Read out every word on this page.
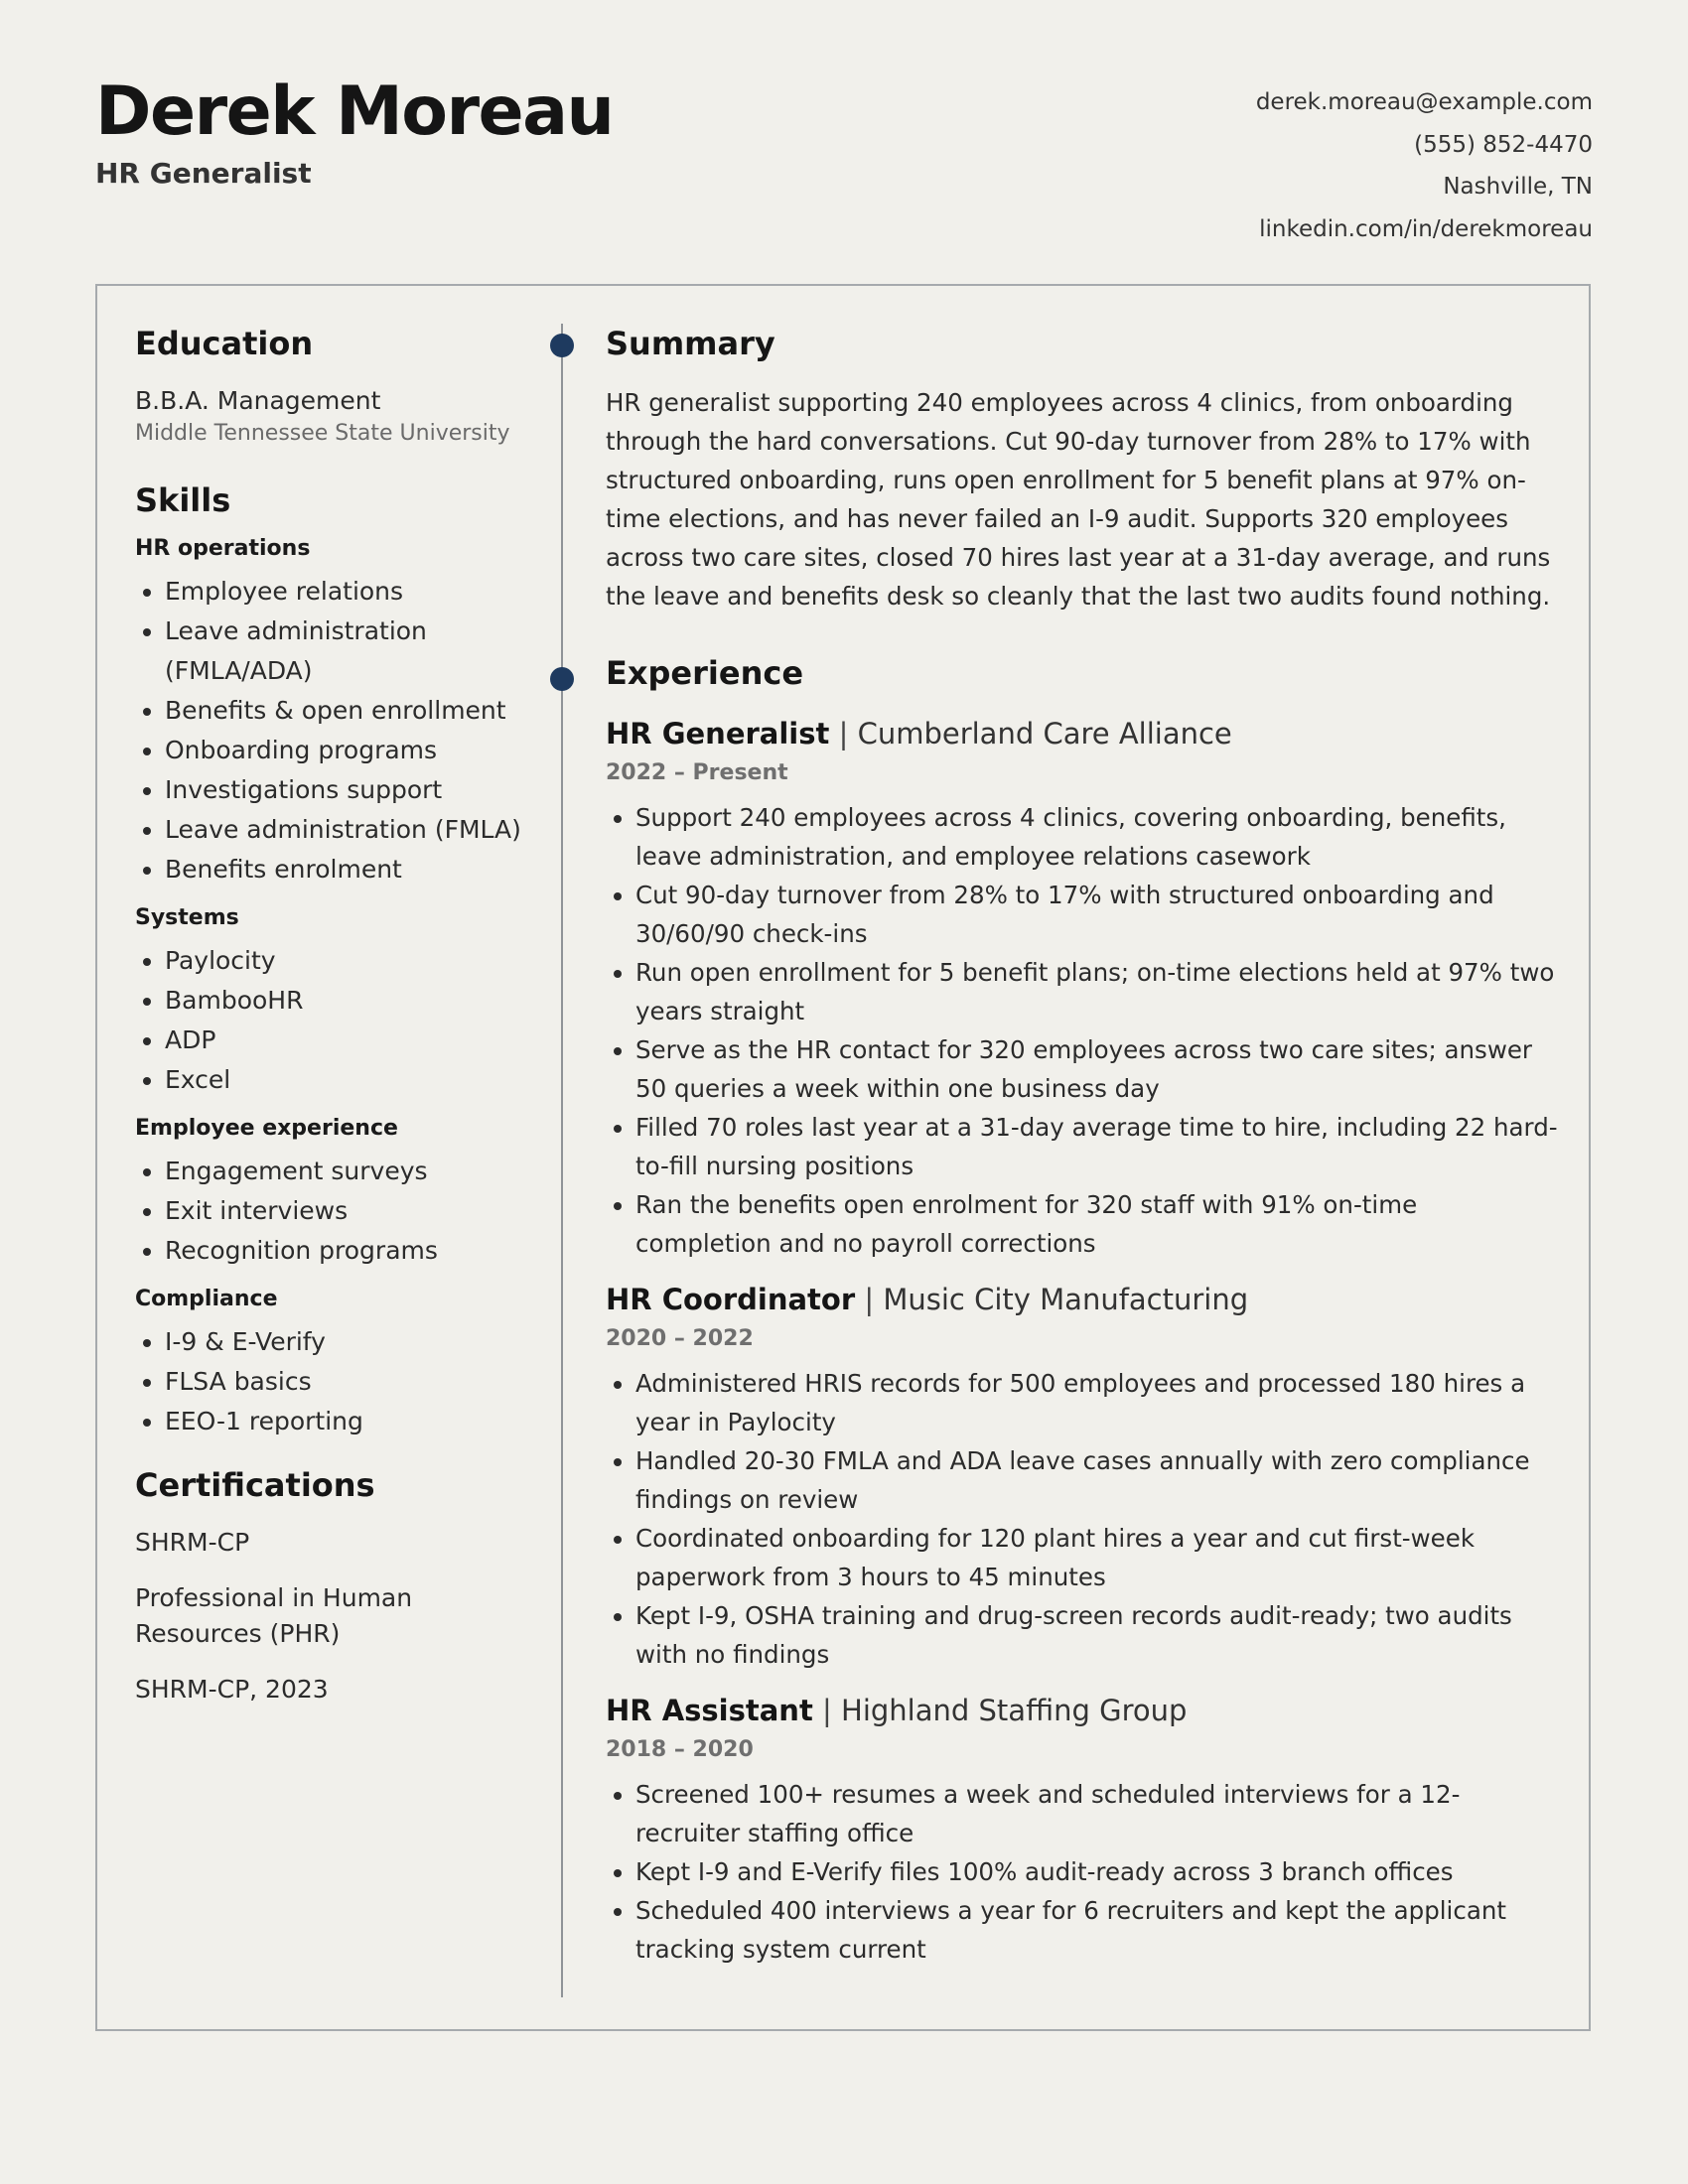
Derek Moreau
HR Generalist
derek.moreau@example.com
(555) 852-4470
Nashville, TN
linkedin.com/in/derekmoreau
Education
B.B.A. Management
Middle Tennessee State University
Skills
HR operations
• Employee relations
• Leave administration (FMLA/ADA)
• Benefits & open enrollment
• Onboarding programs
• Investigations support
• Leave administration (FMLA)
• Benefits enrolment
Systems
• Paylocity
• BambooHR
• ADP
• Excel
Employee experience
• Engagement surveys
• Exit interviews
• Recognition programs
Compliance
• I-9 & E-Verify
• FLSA basics
• EEO-1 reporting
Certifications
SHRM-CP
Professional in Human Resources (PHR)
SHRM-CP, 2023
Summary
HR generalist supporting 240 employees across 4 clinics, from onboarding through the hard conversations. Cut 90-day turnover from 28% to 17% with structured onboarding, runs open enrollment for 5 benefit plans at 97% on-time elections, and has never failed an I-9 audit. Supports 320 employees across two care sites, closed 70 hires last year at a 31-day average, and runs the leave and benefits desk so cleanly that the last two audits found nothing.
Experience
HR Generalist | Cumberland Care Alliance
2022 – Present
• Support 240 employees across 4 clinics, covering onboarding, benefits, leave administration, and employee relations casework
• Cut 90-day turnover from 28% to 17% with structured onboarding and 30/60/90 check-ins
• Run open enrollment for 5 benefit plans; on-time elections held at 97% two years straight
• Serve as the HR contact for 320 employees across two care sites; answer 50 queries a week within one business day
• Filled 70 roles last year at a 31-day average time to hire, including 22 hard-to-fill nursing positions
• Ran the benefits open enrolment for 320 staff with 91% on-time completion and no payroll corrections
HR Coordinator | Music City Manufacturing
2020 – 2022
• Administered HRIS records for 500 employees and processed 180 hires a year in Paylocity
• Handled 20-30 FMLA and ADA leave cases annually with zero compliance findings on review
• Coordinated onboarding for 120 plant hires a year and cut first-week paperwork from 3 hours to 45 minutes
• Kept I-9, OSHA training and drug-screen records audit-ready; two audits with no findings
HR Assistant | Highland Staffing Group
2018 – 2020
• Screened 100+ resumes a week and scheduled interviews for a 12-recruiter staffing office
• Kept I-9 and E-Verify files 100% audit-ready across 3 branch offices
• Scheduled 400 interviews a year for 6 recruiters and kept the applicant tracking system current
